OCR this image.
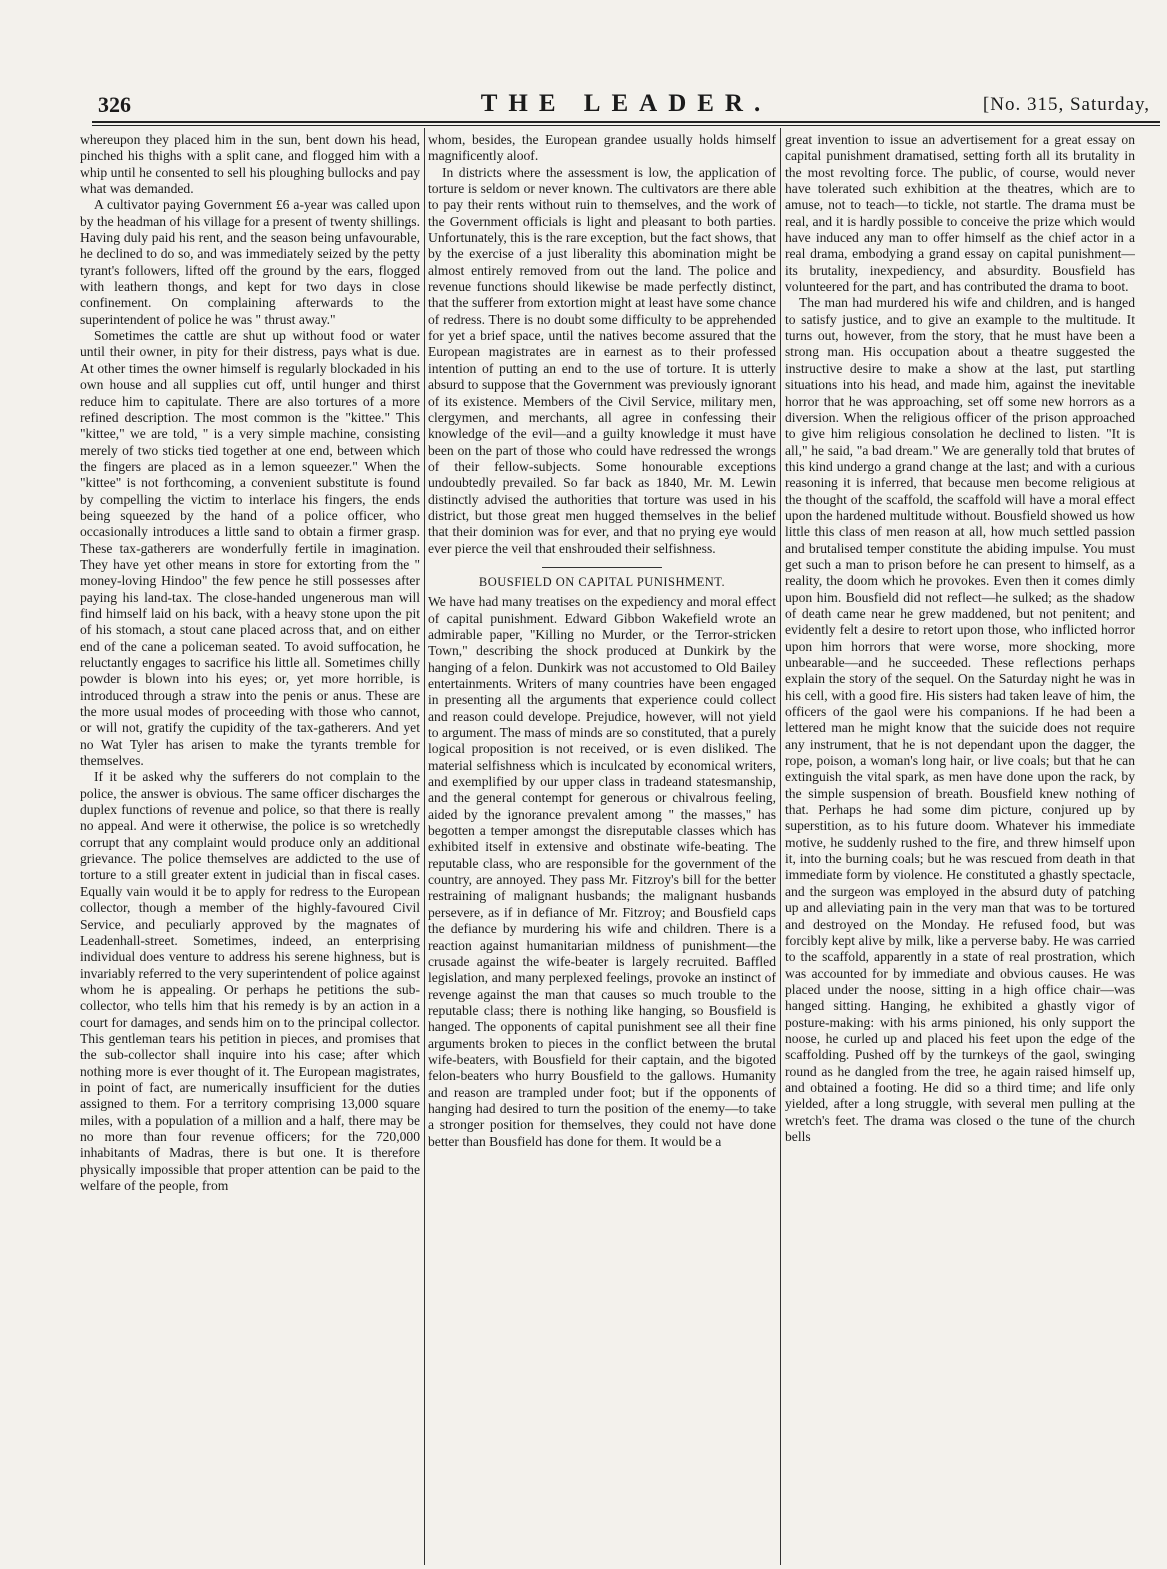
326	THE LEADER.	[No. 315, Saturday,

whereupon they placed him in the sun, bent down his head, pinched his thighs with a split cane, and flogged him with a whip until he consented to sell his ploughing bullocks and pay what was demanded.

A cultivator paying Government £6 a-year was called upon by the headman of his village for a present of twenty shillings. Having duly paid his rent, and the season being unfavourable, he declined to do so, and was immediately seized by the petty tyrant's followers, lifted off the ground by the ears, flogged with leathern thongs, and kept for two days in close confinement. On complaining afterwards to the superintendent of police he was " thrust away."

Sometimes the cattle are shut up without food or water until their owner, in pity for their distress, pays what is due. At other times the owner himself is regularly blockaded in his own house and all supplies cut off, until hunger and thirst reduce him to capitulate. There are also tortures of a more refined description. The most common is the "kittee." This "kittee," we are told, " is a very simple machine, consisting merely of two sticks tied together at one end, between which the fingers are placed as in a lemon squeezer." When the "kittee" is not forthcoming, a convenient substitute is found by compelling the victim to interlace his fingers, the ends being squeezed by the hand of a police officer, who occasionally introduces a little sand to obtain a firmer grasp. These tax-gatherers are wonderfully fertile in imagination. They have yet other means in store for extorting from the " money-loving Hindoo" the few pence he still possesses after paying his land-tax. The close-handed ungenerous man will find himself laid on his back, with a heavy stone upon the pit of his stomach, a stout cane placed across that, and on either end of the cane a policeman seated. To avoid suffocation, he reluctantly engages to sacrifice his little all. Sometimes chilly powder is blown into his eyes; or, yet more horrible, is introduced through a straw into the penis or anus. These are the more usual modes of proceeding with those who cannot, or will not, gratify the cupidity of the tax-gatherers. And yet no Wat Tyler has arisen to make the tyrants tremble for themselves.

If it be asked why the sufferers do not complain to the police, the answer is obvious. The same officer discharges the duplex functions of revenue and police, so that there is really no appeal. And were it otherwise, the police is so wretchedly corrupt that any complaint would produce only an additional grievance. The police themselves are addicted to the use of torture to a still greater extent in judicial than in fiscal cases. Equally vain would it be to apply for redress to the European collector, though a member of the highly-favoured Civil Service, and peculiarly approved by the magnates of Leadenhall-street. Sometimes, indeed, an enterprising individual does venture to address his serene highness, but is invariably referred to the very superintendent of police against whom he is appealing. Or perhaps he petitions the sub-collector, who tells him that his remedy is by an action in a court for damages, and sends him on to the principal collector. This gentleman tears his petition in pieces, and promises that the sub-collector shall inquire into his case; after which nothing more is ever thought of it. The European magistrates, in point of fact, are numerically insufficient for the duties assigned to them. For a territory comprising 13,000 square miles, with a population of a million and a half, there may be no more than four revenue officers; for the 720,000 inhabitants of Madras, there is but one. It is therefore physically impossible that proper attention can be paid to the welfare of the people, from

whom, besides, the European grandee usually holds himself magnificently aloof.

In districts where the assessment is low, the application of torture is seldom or never known. The cultivators are there able to pay their rents without ruin to themselves, and the work of the Government officials is light and pleasant to both parties. Unfortunately, this is the rare exception, but the fact shows, that by the exercise of a just liberality this abomination might be almost entirely removed from out the land. The police and revenue functions should likewise be made perfectly distinct, that the sufferer from extortion might at least have some chance of redress. There is no doubt some difficulty to be apprehended for yet a brief space, until the natives become assured that the European magistrates are in earnest as to their professed intention of putting an end to the use of torture. It is utterly absurd to suppose that the Government was previously ignorant of its existence. Members of the Civil Service, military men, clergymen, and merchants, all agree in confessing their knowledge of the evil—and a guilty knowledge it must have been on the part of those who could have redressed the wrongs of their fellow-subjects. Some honourable exceptions undoubtedly prevailed. So far back as 1840, Mr. M. Lewin distinctly advised the authorities that torture was used in his district, but those great men hugged themselves in the belief that their dominion was for ever, and that no prying eye would ever pierce the veil that enshrouded their selfishness.

BOUSFIELD ON CAPITAL PUNISHMENT.

We have had many treatises on the expediency and moral effect of capital punishment. Edward Gibbon Wakefield wrote an admirable paper, "Killing no Murder, or the Terror-stricken Town," describing the shock produced at Dunkirk by the hanging of a felon. Dunkirk was not accustomed to Old Bailey entertainments. Writers of many countries have been engaged in presenting all the arguments that experience could collect and reason could develope. Prejudice, however, will not yield to argument. The mass of minds are so constituted, that a purely logical proposition is not received, or is even disliked. The material selfishness which is inculcated by economical writers, and exemplified by our upper class in tradeand statesmanship, and the general contempt for generous or chivalrous feeling, aided by the ignorance prevalent among " the masses," has begotten a temper amongst the disreputable classes which has exhibited itself in extensive and obstinate wife-beating. The reputable class, who are responsible for the government of the country, are annoyed. They pass Mr. Fitzroy's bill for the better restraining of malignant husbands; the malignant husbands persevere, as if in defiance of Mr. Fitzroy; and Bousfield caps the defiance by murdering his wife and children. There is a reaction against humanitarian mildness of punishment—the crusade against the wife-beater is largely recruited. Baffled legislation, and many perplexed feelings, provoke an instinct of revenge against the man that causes so much trouble to the reputable class; there is nothing like hanging, so Bousfield is hanged. The opponents of capital punishment see all their fine arguments broken to pieces in the conflict between the brutal wife-beaters, with Bousfield for their captain, and the bigoted felon-beaters who hurry Bousfield to the gallows. Humanity and reason are trampled under foot; but if the opponents of hanging had desired to turn the position of the enemy—to take a stronger position for themselves, they could not have done better than Bousfield has done for them. It would be a

great invention to issue an advertisement for a great essay on capital punishment dramatised, setting forth all its brutality in the most revolting force. The public, of course, would never have tolerated such exhibition at the theatres, which are to amuse, not to teach—to tickle, not startle. The drama must be real, and it is hardly possible to conceive the prize which would have induced any man to offer himself as the chief actor in a real drama, embodying a grand essay on capital punishment—its brutality, inexpediency, and absurdity. Bousfield has volunteered for the part, and has contributed the drama to boot.

The man had murdered his wife and children, and is hanged to satisfy justice, and to give an example to the multitude. It turns out, however, from the story, that he must have been a strong man. His occupation about a theatre suggested the instructive desire to make a show at the last, put startling situations into his head, and made him, against the inevitable horror that he was approaching, set off some new horrors as a diversion. When the religious officer of the prison approached to give him religious consolation he declined to listen. "It is all," he said, "a bad dream." We are generally told that brutes of this kind undergo a grand change at the last; and with a curious reasoning it is inferred, that because men become religious at the thought of the scaffold, the scaffold will have a moral effect upon the hardened multitude without. Bousfield showed us how little this class of men reason at all, how much settled passion and brutalised temper constitute the abiding impulse. You must get such a man to prison before he can present to himself, as a reality, the doom which he provokes. Even then it comes dimly upon him. Bousfield did not reflect—he sulked; as the shadow of death came near he grew maddened, but not penitent; and evidently felt a desire to retort upon those, who inflicted horror upon him horrors that were worse, more shocking, more unbearable—and he succeeded. These reflections perhaps explain the story of the sequel. On the Saturday night he was in his cell, with a good fire. His sisters had taken leave of him, the officers of the gaol were his companions. If he had been a lettered man he might know that the suicide does not require any instrument, that he is not dependant upon the dagger, the rope, poison, a woman's long hair, or live coals; but that he can extinguish the vital spark, as men have done upon the rack, by the simple suspension of breath. Bousfield knew nothing of that. Perhaps he had some dim picture, conjured up by superstition, as to his future doom. Whatever his immediate motive, he suddenly rushed to the fire, and threw himself upon it, into the burning coals; but he was rescued from death in that immediate form by violence. He constituted a ghastly spectacle, and the surgeon was employed in the absurd duty of patching up and alleviating pain in the very man that was to be tortured and destroyed on the Monday. He refused food, but was forcibly kept alive by milk, like a perverse baby. He was carried to the scaffold, apparently in a state of real prostration, which was accounted for by immediate and obvious causes. He was placed under the noose, sitting in a high office chair—was hanged sitting. Hanging, he exhibited a ghastly vigor of posture-making: with his arms pinioned, his only support the noose, he curled up and placed his feet upon the edge of the scaffolding. Pushed off by the turnkeys of the gaol, swinging round as he dangled from the tree, he again raised himself up, and obtained a footing. He did so a third time; and life only yielded, after a long struggle, with several men pulling at the wretch's feet. The drama was closed o the tune of the church bells
